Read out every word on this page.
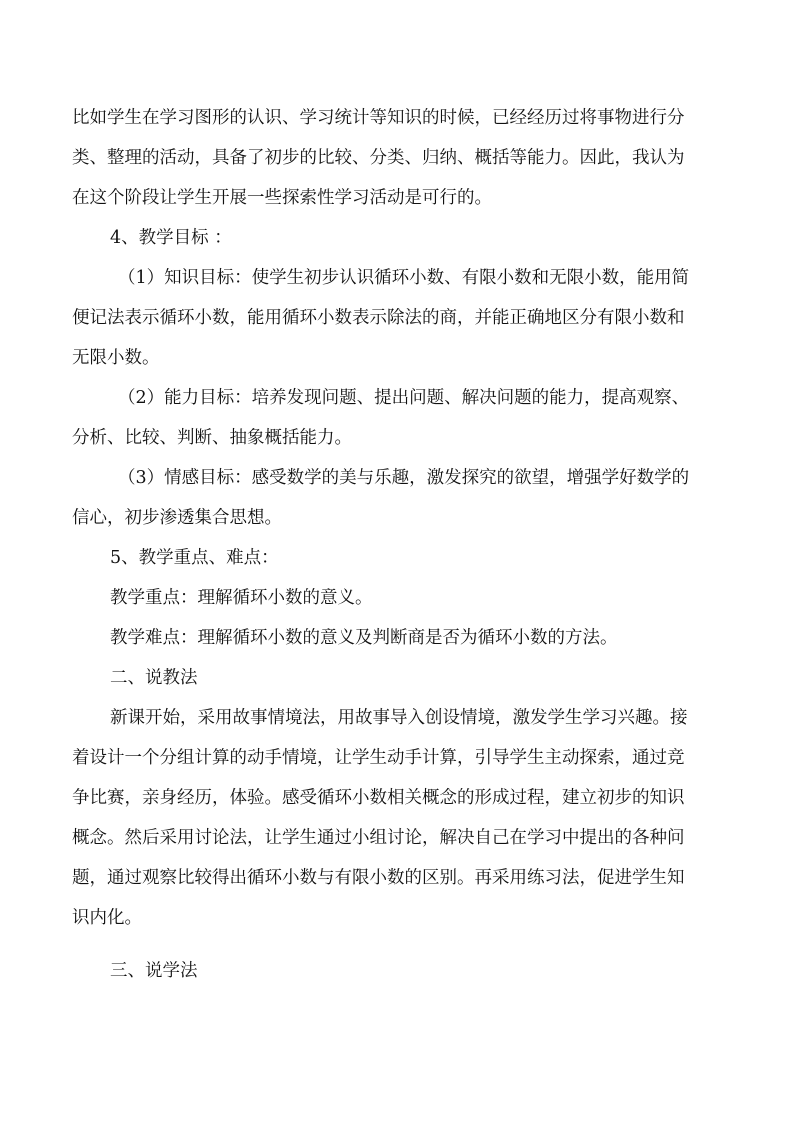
比如学生在学习图形的认识、学习统计等知识的时候，已经经历过将事物进行分
类、整理的活动，具备了初步的比较、分类、归纳、概括等能力。因此，我认为
在这个阶段让学生开展一些探索性学习活动是可行的。
4、教学目标 ：
（1）知识目标：使学生初步认识循环小数、有限小数和无限小数，能用简
便记法表示循环小数，能用循环小数表示除法的商，并能正确地区分有限小数和
无限小数。
（2）能力目标：培养发现问题、提出问题、解决问题的能力，提高观察、
分析、比较、判断、抽象概括能力。
（3）情感目标：感受数学的美与乐趣，激发探究的欲望，增强学好数学的
信心，初步渗透集合思想。
5、教学重点、难点：
教学重点：理解循环小数的意义。
教学难点：理解循环小数的意义及判断商是否为循环小数的方法。
二、说教法
新课开始，采用故事情境法，用故事导入创设情境，激发学生学习兴趣。接
着设计一个分组计算的动手情境，让学生动手计算，引导学生主动探索，通过竞
争比赛，亲身经历，体验。感受循环小数相关概念的形成过程，建立初步的知识
概念。然后采用讨论法，让学生通过小组讨论，解决自己在学习中提出的各种问
题，通过观察比较得出循环小数与有限小数的区别。再采用练习法，促进学生知
识内化。
三、说学法
